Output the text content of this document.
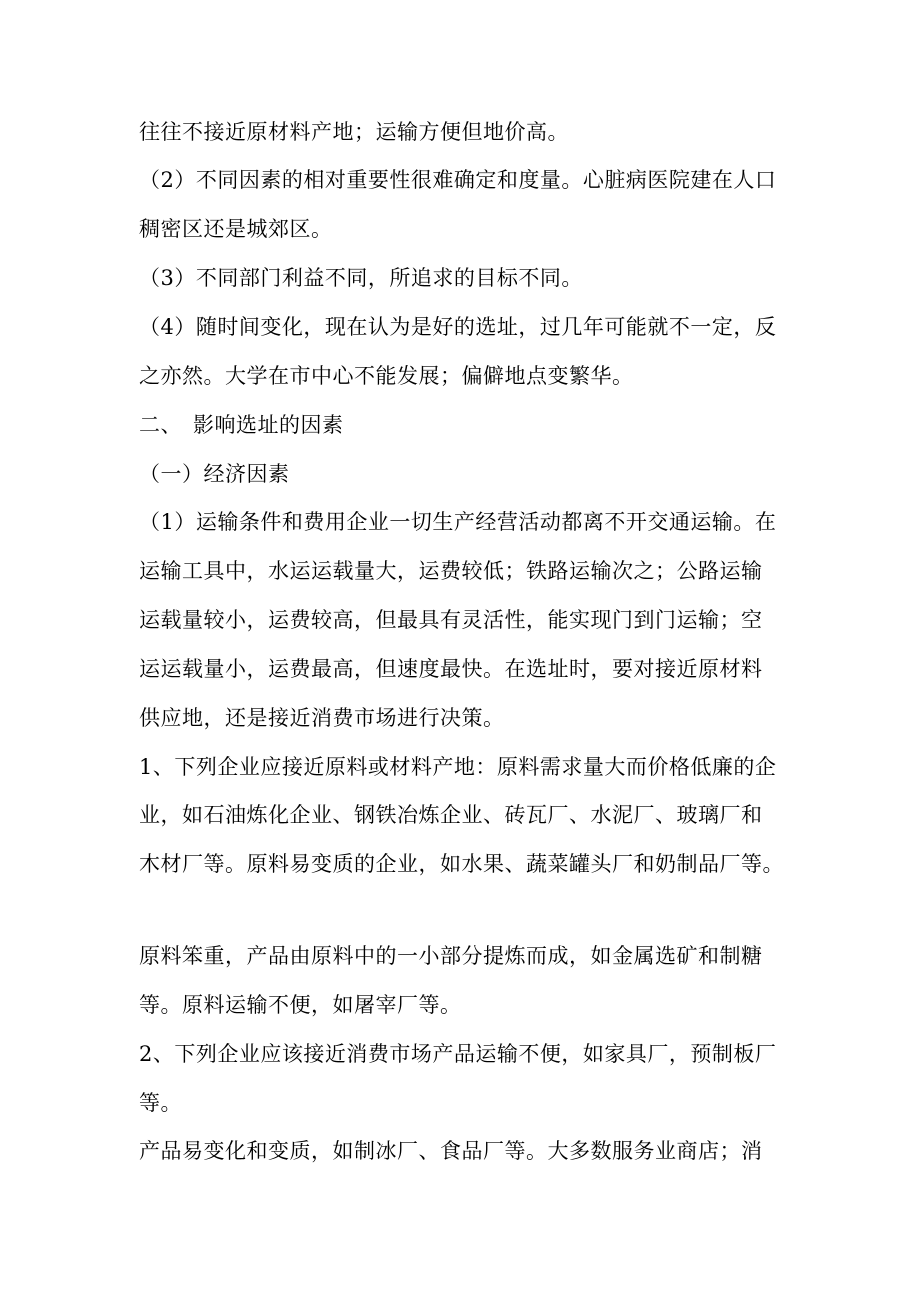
往往不接近原材料产地；运输方便但地价高。
（2）不同因素的相对重要性很难确定和度量。心脏病医院建在人口
稠密区还是城郊区。
（3）不同部门利益不同，所追求的目标不同。
（4）随时间变化，现在认为是好的选址，过几年可能就不一定，反
之亦然。大学在市中心不能发展；偏僻地点变繁华。
二、　影响选址的因素
（一）经济因素
（1）运输条件和费用企业一切生产经营活动都离不开交通运输。在
运输工具中，水运运载量大，运费较低；铁路运输次之；公路运输
运载量较小，运费较高，但最具有灵活性，能实现门到门运输；空
运运载量小，运费最高，但速度最快。在选址时，要对接近原材料
供应地，还是接近消费市场进行决策。
1、下列企业应接近原料或材料产地：原料需求量大而价格低廉的企
业，如石油炼化企业、钢铁冶炼企业、砖瓦厂、水泥厂、玻璃厂和
木材厂等。原料易变质的企业，如水果、蔬菜罐头厂和奶制品厂等。
原料笨重，产品由原料中的一小部分提炼而成，如金属选矿和制糖
等。原料运输不便，如屠宰厂等。
2、下列企业应该接近消费市场产品运输不便，如家具厂，预制板厂
等。
产品易变化和变质，如制冰厂、食品厂等。大多数服务业商店；消
